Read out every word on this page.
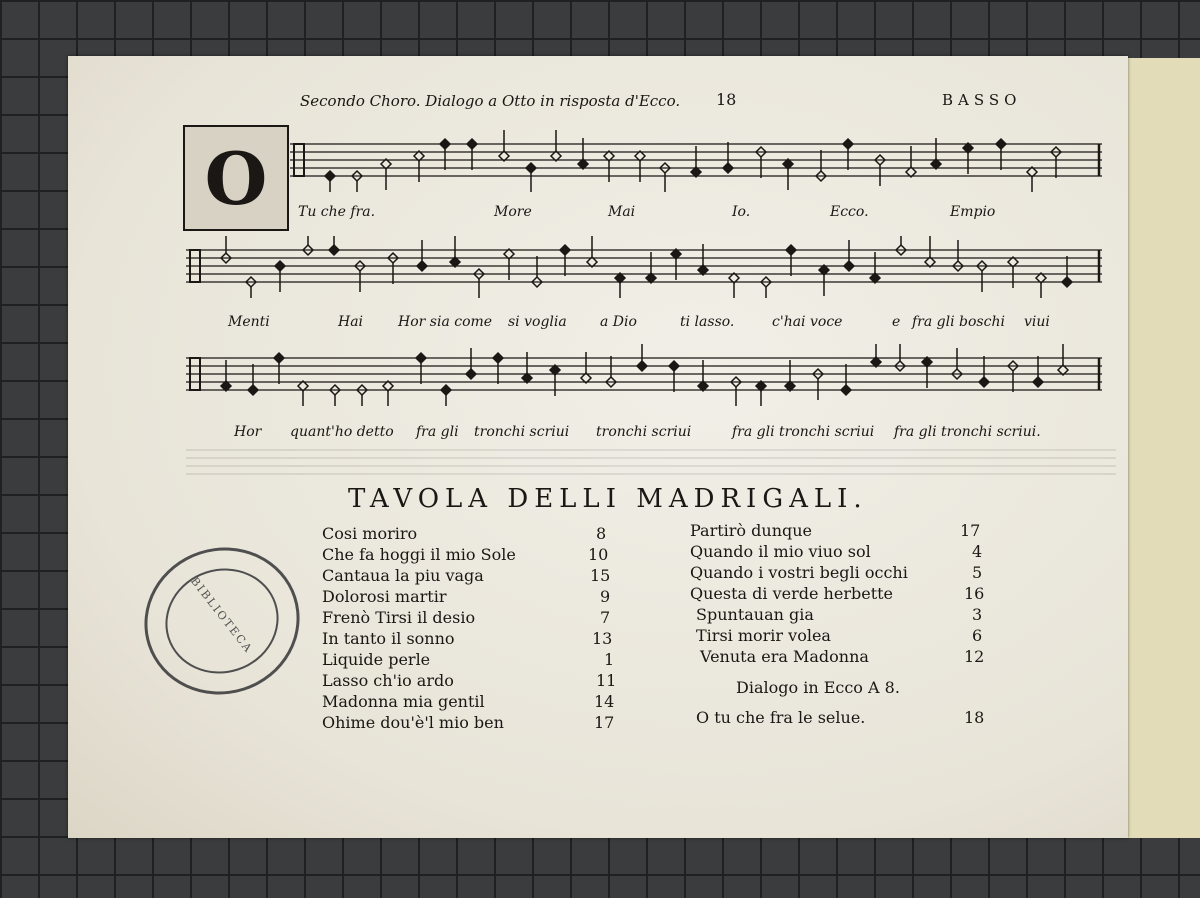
Secondo Choro. Dialogo a Otto in risposta d'Ecco. 18	BASSO
O Tu che fra.	More	Mai	Io.	Ecco.	Empio
Menti	Hai Hor sia come si voglia a Dio	ti lasso.	c'hai voce	e fra gli boschi viui
Hor quant'ho detto fra gli tronchi scriui tronchi scriui	fra gli tronchi scriui fra gli tronchi scriui.
TAVOLA DELLI MADRIGALI.
Cosi moriro	8
Che fa hoggi il mio Sole	10
Cantaua la piu vaga	15
Dolorosi martir	9
Frenò Tirsi il desio	7
In tanto il sonno	13
Liquide perle	1
Lasso ch'io ardo	11
Madonna mia gentil	14
Ohime dou'è'l mio ben	17
Partirò dunque	17
Quando il mio viuo sol	4
Quando i vostri begli occhi	5
Questa di verde herbette	16
Spuntauan gia	3
Tirsi morir volea	6
Venuta era Madonna	12
Dialogo in Ecco A 8.
O tu che fra le selue.	18
BIBLIOTECA
